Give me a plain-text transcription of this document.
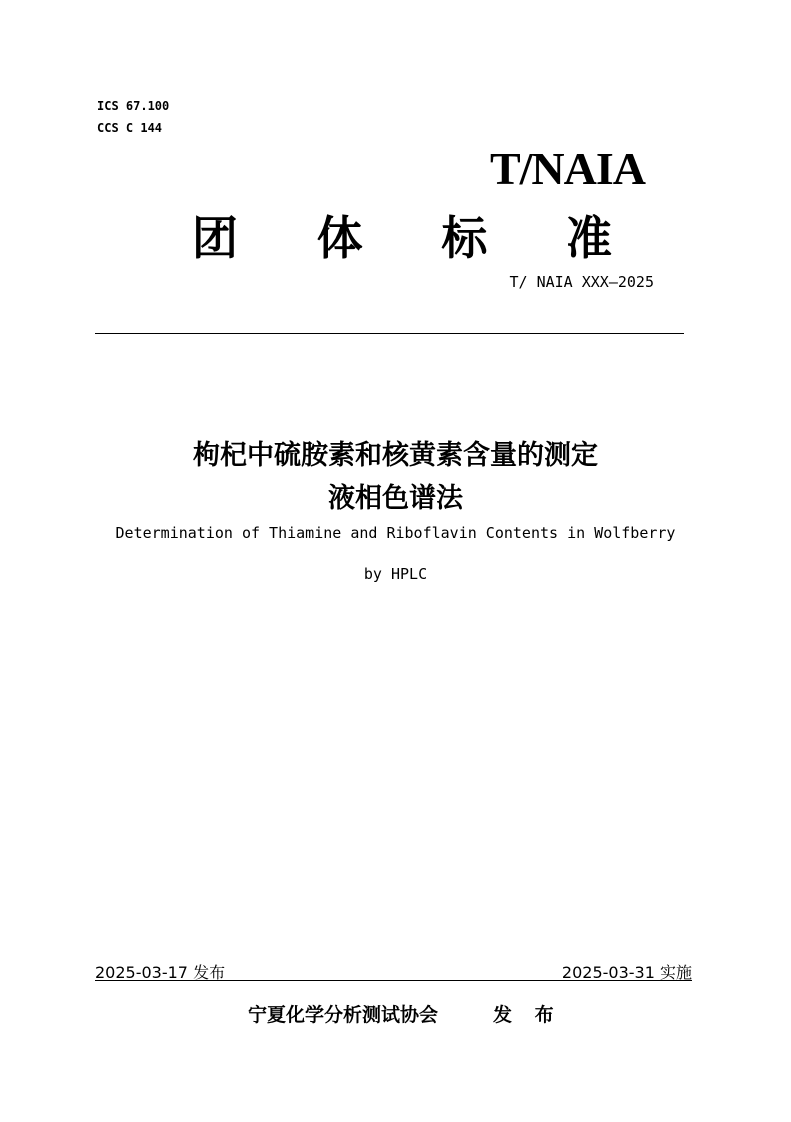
ICS 67.100
CCS C 144
T/NAIA
团 体 标 准
T/ NAIA XXX—2025
枸杞中硫胺素和核黄素含量的测定
液相色谱法
Determination of Thiamine and Riboflavin Contents in Wolfberry
by HPLC
2025-03-17 发布	2025-03-31 实施
宁夏化学分析测试协会	发 布
